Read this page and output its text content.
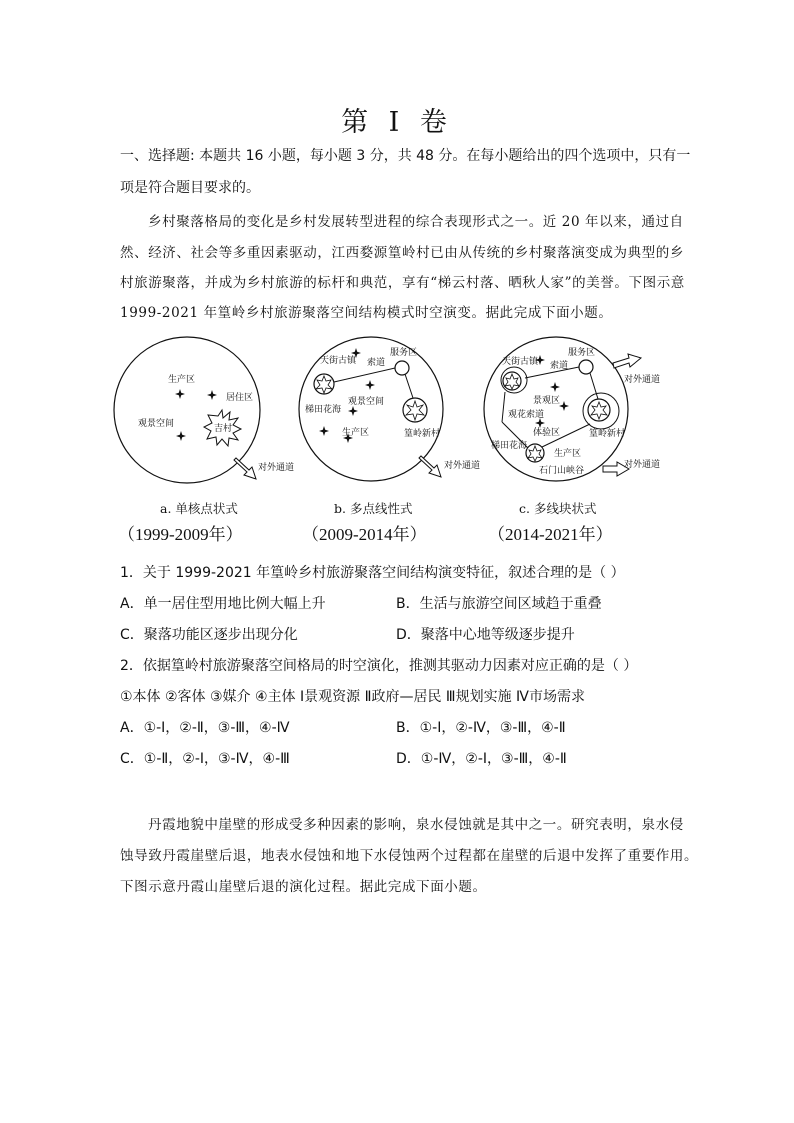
第 I 卷
一、选择题: 本题共 16 小题，每小题 3 分，共 48 分。在每小题给出的四个选项中，只有一
项是符合题目要求的。
乡村聚落格局的变化是乡村发展转型进程的综合表现形式之一。近 20 年以来，通过自
然、经济、社会等多重因素驱动，江西婺源篁岭村已由从传统的乡村聚落演变成为典型的乡
村旅游聚落，并成为乡村旅游的标杆和典范，享有“梯云村落、晒秋人家”的美誉。下图示意
1999-2021 年篁岭乡村旅游聚落空间结构模式时空演变。据此完成下面小题。
生产区
居住区
观景空间	吉村
对外通道
天街古镇 索道
服务区
观景空间
梯田花海
生产区	篁岭新村
对外通道
天街古镇 索道
服务区
景观区
观花索道
体验区
梯田花海
生产区
篁岭新村
石门山峡谷
对外通道
对外通道
a. 单核点状式	b. 多点线性式	c. 多线块状式
（1999-2009年）	（2009-2014年）	（2014-2021年）
1．关于 1999-2021 年篁岭乡村旅游聚落空间结构演变特征，叙述合理的是（ ）
A．单一居住型用地比例大幅上升	B．生活与旅游空间区域趋于重叠
C．聚落功能区逐步出现分化	D．聚落中心地等级逐步提升
2．依据篁岭村旅游聚落空间格局的时空演化，推测其驱动力因素对应正确的是（ ）
①本体 ②客体 ③媒介 ④主体 Ⅰ景观资源 Ⅱ政府—居民 Ⅲ规划实施 Ⅳ市场需求
A．①-Ⅰ，②-Ⅱ，③-Ⅲ，④-Ⅳ	B．①-Ⅰ，②-Ⅳ，③-Ⅲ，④-Ⅱ
C．①-Ⅱ，②-Ⅰ，③-Ⅳ，④-Ⅲ	D．①-Ⅳ，②-Ⅰ，③-Ⅲ，④-Ⅱ
丹霞地貌中崖壁的形成受多种因素的影响，泉水侵蚀就是其中之一。研究表明，泉水侵
蚀导致丹霞崖壁后退，地表水侵蚀和地下水侵蚀两个过程都在崖壁的后退中发挥了重要作用。
下图示意丹霞山崖壁后退的演化过程。据此完成下面小题。
